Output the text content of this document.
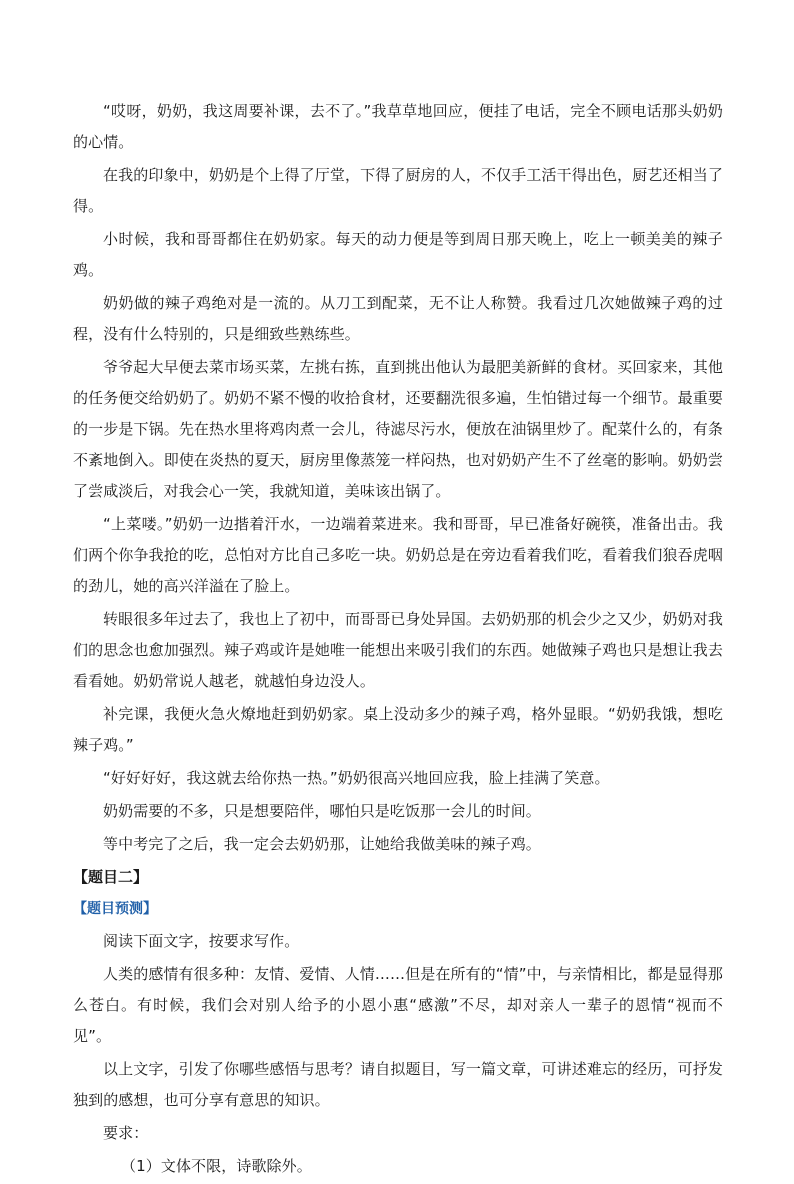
“哎呀，奶奶，我这周要补课，去不了。”我草草地回应，便挂了电话，完全不顾电话那头奶奶的心情。

在我的印象中，奶奶是个上得了厅堂，下得了厨房的人，不仅手工活干得出色，厨艺还相当了得。

小时候，我和哥哥都住在奶奶家。每天的动力便是等到周日那天晚上，吃上一顿美美的辣子鸡。

奶奶做的辣子鸡绝对是一流的。从刀工到配菜，无不让人称赞。我看过几次她做辣子鸡的过程，没有什么特别的，只是细致些熟练些。

爷爷起大早便去菜市场买菜，左挑右拣，直到挑出他认为最肥美新鲜的食材。买回家来，其他的任务便交给奶奶了。奶奶不紧不慢的收拾食材，还要翻洗很多遍，生怕错过每一个细节。最重要的一步是下锅。先在热水里将鸡肉煮一会儿，待滤尽污水，便放在油锅里炒了。配菜什么的，有条不紊地倒入。即使在炎热的夏天，厨房里像蒸笼一样闷热，也对奶奶产生不了丝毫的影响。奶奶尝了尝咸淡后，对我会心一笑，我就知道，美味该出锅了。

“上菜喽。”奶奶一边揩着汗水，一边端着菜进来。我和哥哥，早已准备好碗筷，准备出击。我们两个你争我抢的吃，总怕对方比自己多吃一块。奶奶总是在旁边看着我们吃，看着我们狼吞虎咽的劲儿，她的高兴洋溢在了脸上。

转眼很多年过去了，我也上了初中，而哥哥已身处异国。去奶奶那的机会少之又少，奶奶对我们的思念也愈加强烈。辣子鸡或许是她唯一能想出来吸引我们的东西。她做辣子鸡也只是想让我去看看她。奶奶常说人越老，就越怕身边没人。

补完课，我便火急火燎地赶到奶奶家。桌上没动多少的辣子鸡，格外显眼。“奶奶我饿，想吃辣子鸡。”

“好好好好，我这就去给你热一热。”奶奶很高兴地回应我，脸上挂满了笑意。

奶奶需要的不多，只是想要陪伴，哪怕只是吃饭那一会儿的时间。

等中考完了之后，我一定会去奶奶那，让她给我做美味的辣子鸡。

【题目二】

【题目预测】

阅读下面文字，按要求写作。

人类的感情有很多种：友情、爱情、人情……但是在所有的“情”中，与亲情相比，都是显得那么苍白。有时候，我们会对别人给予的小恩小惠“感激”不尽，却对亲人一辈子的恩情“视而不见”。

以上文字，引发了你哪些感悟与思考？请自拟题目，写一篇文章，可讲述难忘的经历，可抒发独到的感想，也可分享有意思的知识。

要求：

（1）文体不限，诗歌除外。
